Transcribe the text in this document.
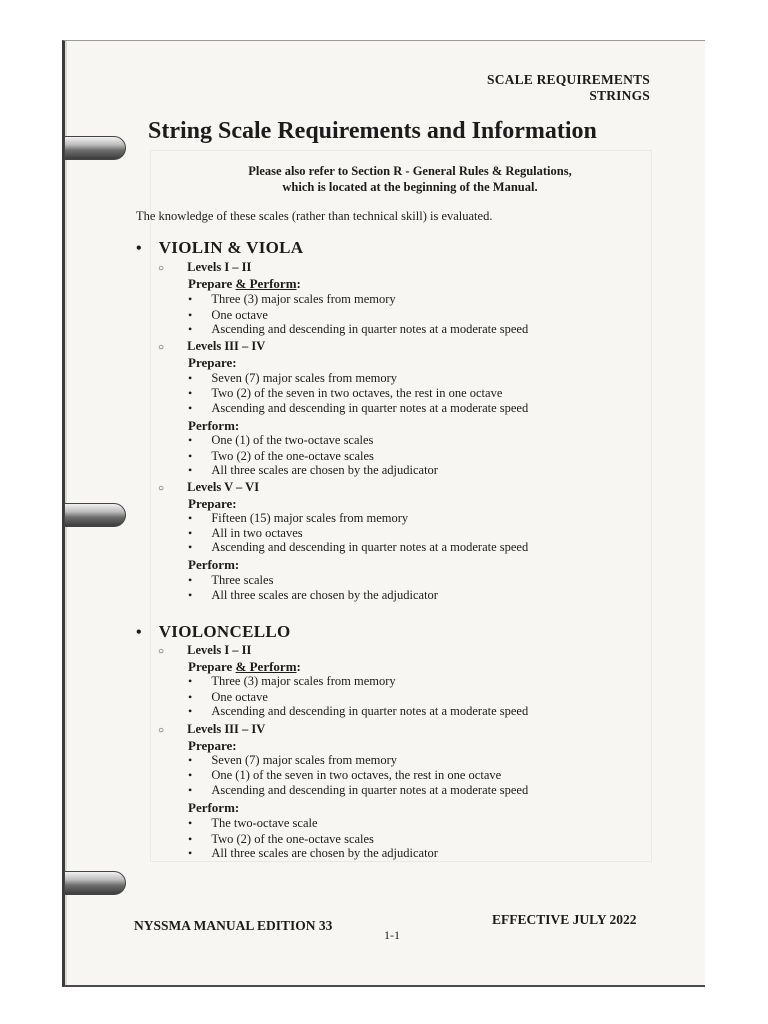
SCALE REQUIREMENTS
STRINGS
String Scale Requirements and Information
Please also refer to Section R - General Rules & Regulations,
which is located at the beginning of the Manual.
The knowledge of these scales (rather than technical skill) is evaluated.
• VIOLIN & VIOLA
○ Levels I – II
Prepare & Perform:
• Three (3) major scales from memory
• One octave
• Ascending and descending in quarter notes at a moderate speed
○ Levels III – IV
Prepare:
• Seven (7) major scales from memory
• Two (2) of the seven in two octaves, the rest in one octave
• Ascending and descending in quarter notes at a moderate speed
Perform:
• One (1) of the two-octave scales
• Two (2) of the one-octave scales
• All three scales are chosen by the adjudicator
○ Levels V – VI
Prepare:
• Fifteen (15) major scales from memory
• All in two octaves
• Ascending and descending in quarter notes at a moderate speed
Perform:
• Three scales
• All three scales are chosen by the adjudicator
• VIOLONCELLO
○ Levels I – II
Prepare & Perform:
• Three (3) major scales from memory
• One octave
• Ascending and descending in quarter notes at a moderate speed
○ Levels III – IV
Prepare:
• Seven (7) major scales from memory
• One (1) of the seven in two octaves, the rest in one octave
• Ascending and descending in quarter notes at a moderate speed
Perform:
• The two-octave scale
• Two (2) of the one-octave scales
• All three scales are chosen by the adjudicator
NYSSMA MANUAL EDITION 33
1-1
EFFECTIVE JULY 2022
